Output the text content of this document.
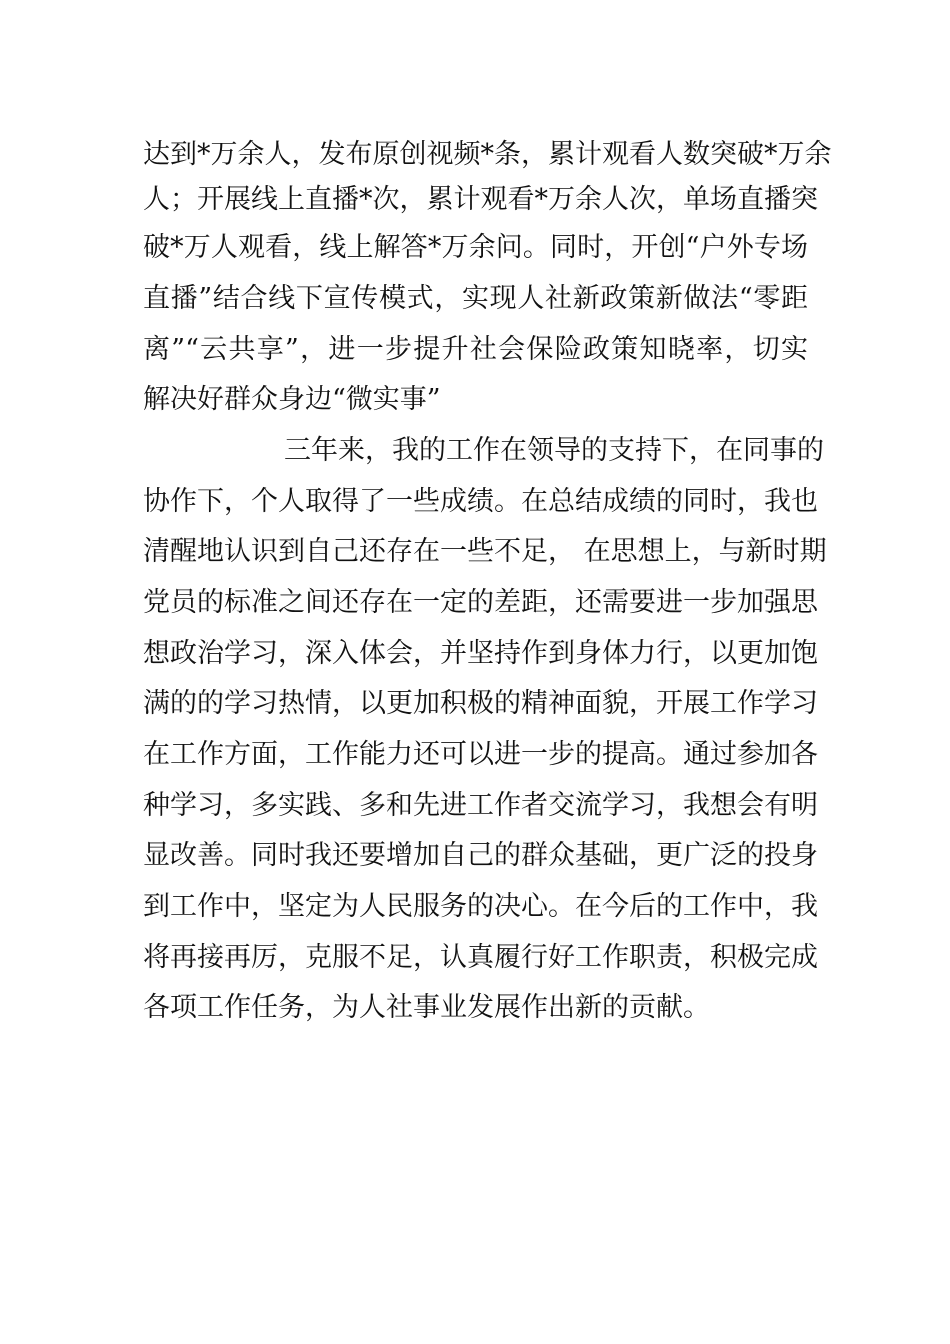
达到*万余人，发布原创视频*条，累计观看人数突破*万余

人；开展线上直播*次，累计观看*万余人次，单场直播突

破*万人观看，线上解答*万余问。同时，开创“户外专场

直播”结合线下宣传模式，实现人社新政策新做法“零距

离”“云共享”，进一步提升社会保险政策知晓率，切实

解决好群众身边“微实事”

三年来，我的工作在领导的支持下，在同事的

协作下，个人取得了一些成绩。在总结成绩的同时，我也

清醒地认识到自己还存在一些不足， 在思想上，与新时期

党员的标准之间还存在一定的差距，还需要进一步加强思

想政治学习，深入体会，并坚持作到身体力行，以更加饱

满的的学习热情，以更加积极的精神面貌，开展工作学习

在工作方面，工作能力还可以进一步的提高。通过参加各

种学习，多实践、多和先进工作者交流学习，我想会有明

显改善。同时我还要增加自己的群众基础，更广泛的投身

到工作中，坚定为人民服务的决心。在今后的工作中，我

将再接再厉，克服不足，认真履行好工作职责，积极完成

各项工作任务，为人社事业发展作出新的贡献。
